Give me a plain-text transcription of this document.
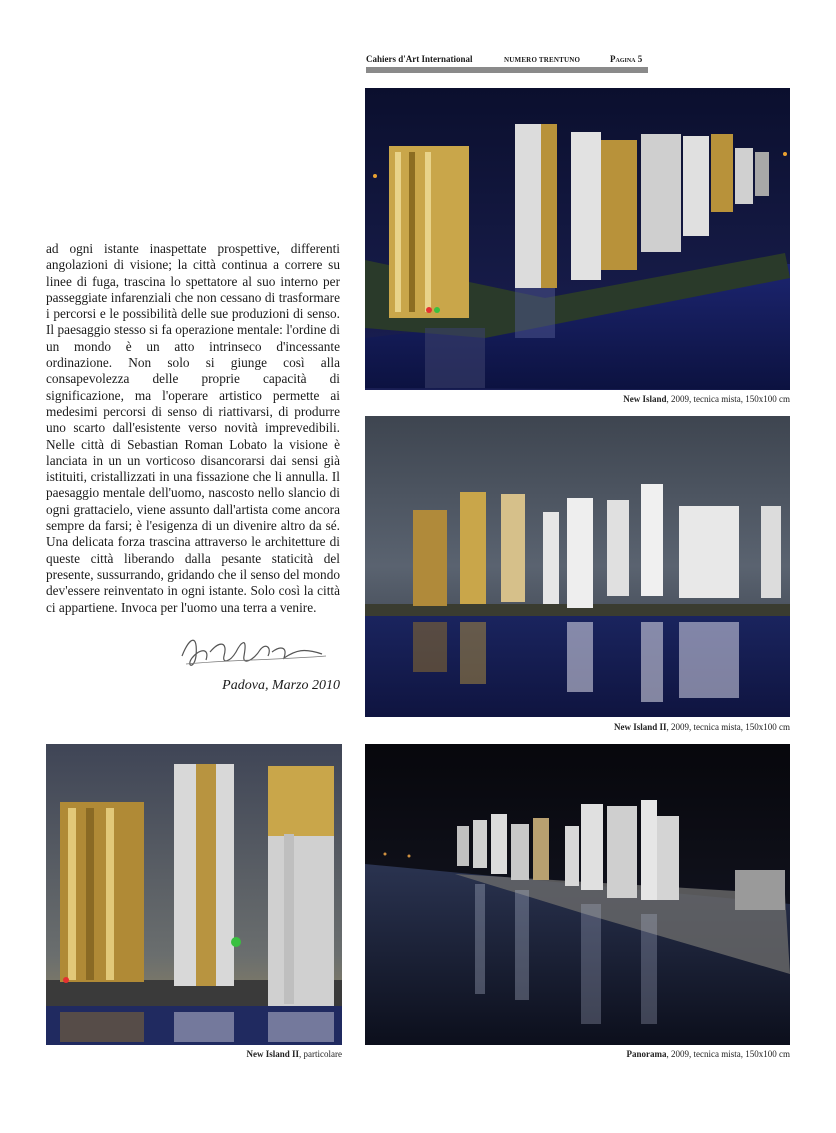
Cahiers d'Art International	NUMERO TRENTUNO	Pagina 5
New Island, 2009, tecnica mista, 150x100 cm
New Island II, 2009, tecnica mista, 150x100 cm
ad ogni istante inaspettate prospettive, differenti angolazioni di visione; la città continua a correre su linee di fuga, trascina lo spettatore al suo interno per passeggiate infarenziali che non cessano di trasformare i percorsi e le possibilità delle sue produzioni di senso. Il paesaggio stesso si fa operazione mentale: l'ordine di un mondo è un atto intrinseco d'incessante ordinazione. Non solo si giunge così alla consapevolezza delle proprie capacità di significazione, ma l'operare artistico permette ai medesimi percorsi di senso di riattivarsi, di produrre uno scarto dall'esistente verso novità imprevedibili. Nelle città di Sebastian Roman Lobato la visione è lanciata in un un vorticoso disancorarsi dai sensi già istituiti, cristallizzati in una fissazione che li annulla. Il paesaggio mentale dell'uomo, nascosto nello slancio di ogni grattacielo, viene assunto dall'artista come ancora sempre da farsi; è l'esigenza di un divenire altro da sé. Una delicata forza trascina attraverso le architetture di queste città liberando dalla pesante staticità del presente, sussurrando, gridando che il senso del mondo dev'essere reinventato in ogni istante. Solo così la città ci appartiene. Invoca per l'uomo una terra a venire.
Padova, Marzo 2010
New Island II, particolare	Panorama, 2009, tecnica mista, 150x100 cm
